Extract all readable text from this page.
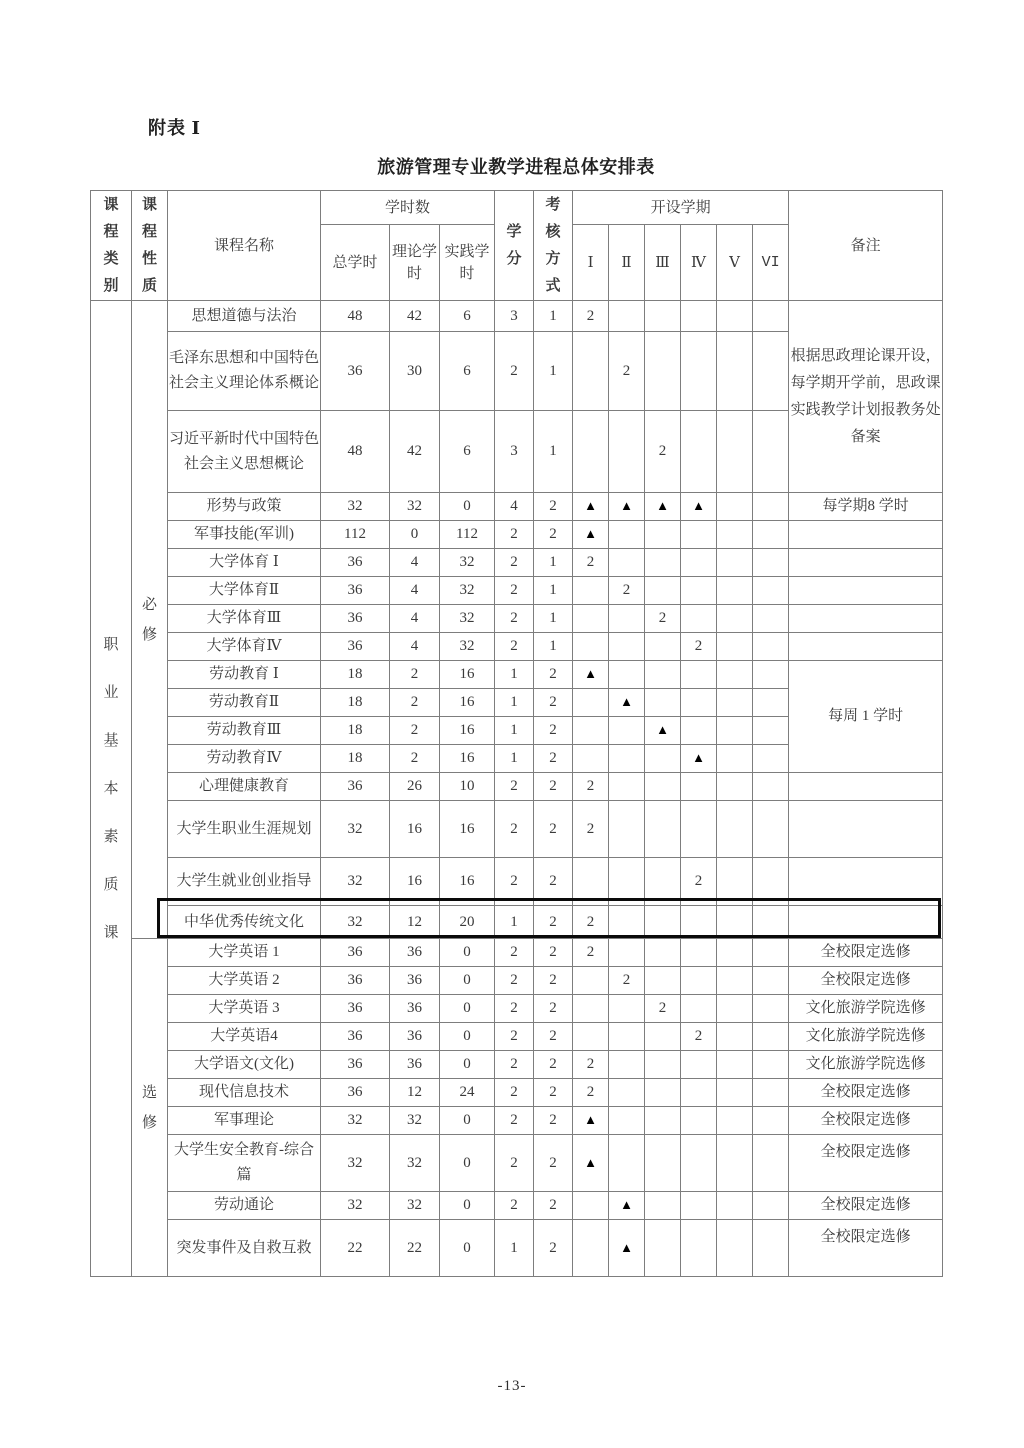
附表 Ⅰ
旅游管理专业教学进程总体安排表
课程类别	课程性质	课程名称	学时数			学分	考核方式	开设学期						备注
			总学时	理论学时	实践学时			Ⅰ	Ⅱ	Ⅲ	Ⅳ	Ⅴ	VI	

职业基本素质课	必修	思想道德与法治	48	42	6	3	1	2						根据思政理论课开设，每学期开学前，思政课实践教学计划报教务处备案
		毛泽东思想和中国特色社会主义理论体系概论	36	30	6	2	1		2					
		习近平新时代中国特色社会主义思想概论	48	42	6	3	1			2				
		形势与政策	32	32	0	4	2	▲	▲	▲	▲			每学期8 学时
		军事技能(军训)	112	0	112	2	2	▲						
		大学体育 Ⅰ	36	4	32	2	1	2						
		大学体育Ⅱ	36	4	32	2	1		2					
		大学体育Ⅲ	36	4	32	2	1			2				
		大学体育Ⅳ	36	4	32	2	1				2			
		劳动教育 Ⅰ	18	2	16	1	2	▲						每周 1 学时
		劳动教育Ⅱ	18	2	16	1	2		▲					
		劳动教育Ⅲ	18	2	16	1	2			▲				
		劳动教育Ⅳ	18	2	16	1	2				▲			
		心理健康教育	36	26	10	2	2	2						
		大学生职业生涯规划	32	16	16	2	2	2						
		大学生就业创业指导	32	16	16	2	2				2			
		中华优秀传统文化	32	12	20	1	2	2						

	选修	大学英语 1	36	36	0	2	2	2						全校限定选修
		大学英语 2	36	36	0	2	2		2					全校限定选修
		大学英语 3	36	36	0	2	2			2				文化旅游学院选修
		大学英语4	36	36	0	2	2				2			文化旅游学院选修
		大学语文(文化)	36	36	0	2	2	2						文化旅游学院选修
		现代信息技术	36	12	24	2	2	2						全校限定选修
		军事理论	32	32	0	2	2	▲						全校限定选修
		大学生安全教育-综合篇	32	32	0	2	2	▲						全校限定选修
		劳动通论	32	32	0	2	2		▲					全校限定选修
		突发事件及自救互救	22	22	0	1	2		▲					全校限定选修
-13-
